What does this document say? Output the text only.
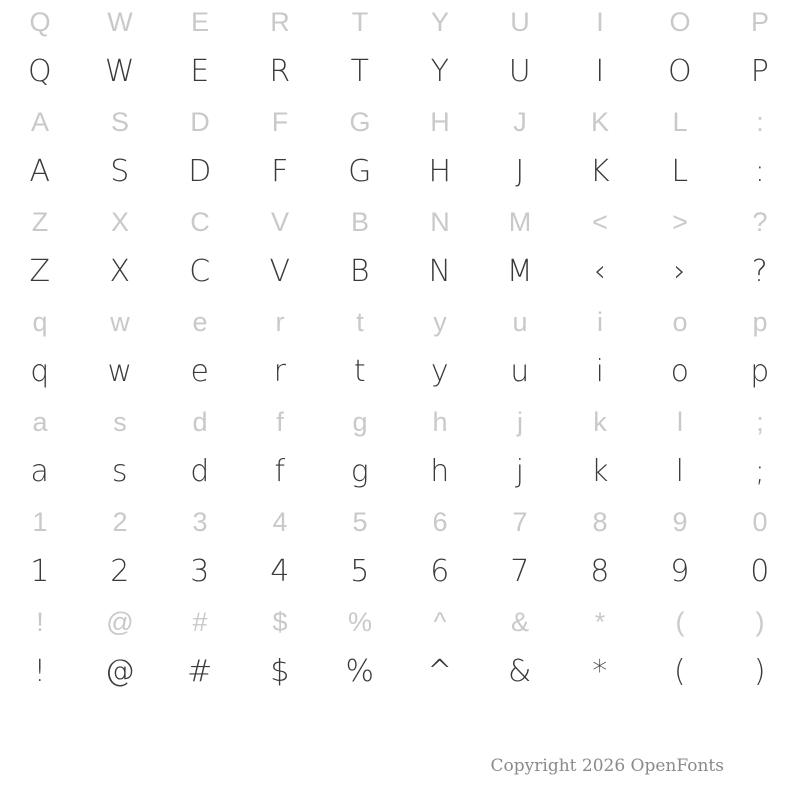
Q	W	E	R	T	Y	U	I	O	P
Q	W	E	R	T	Y	U	I	O	P
A	S	D	F	G	H	J	K	L	:
A	S	D	F	G	H	J	K	L	:
Z	X	C	V	B	N	M	<	>	?
Z	X	C	V	B	N	M	‹	›	?
q	w	e	r	t	y	u	i	o	p
q	w	e	r	t	y	u	i	o	p
a	s	d	f	g	h	j	k	l	;
a	s	d	f	g	h	j	k	l	;
1	2	3	4	5	6	7	8	9	0
1	2	3	4	5	6	7	8	9	0
!	@	#	$	%	^	&	*	(	)
!	@	#	$	%	^	&	*	(	)
Copyright 2026 OpenFonts
